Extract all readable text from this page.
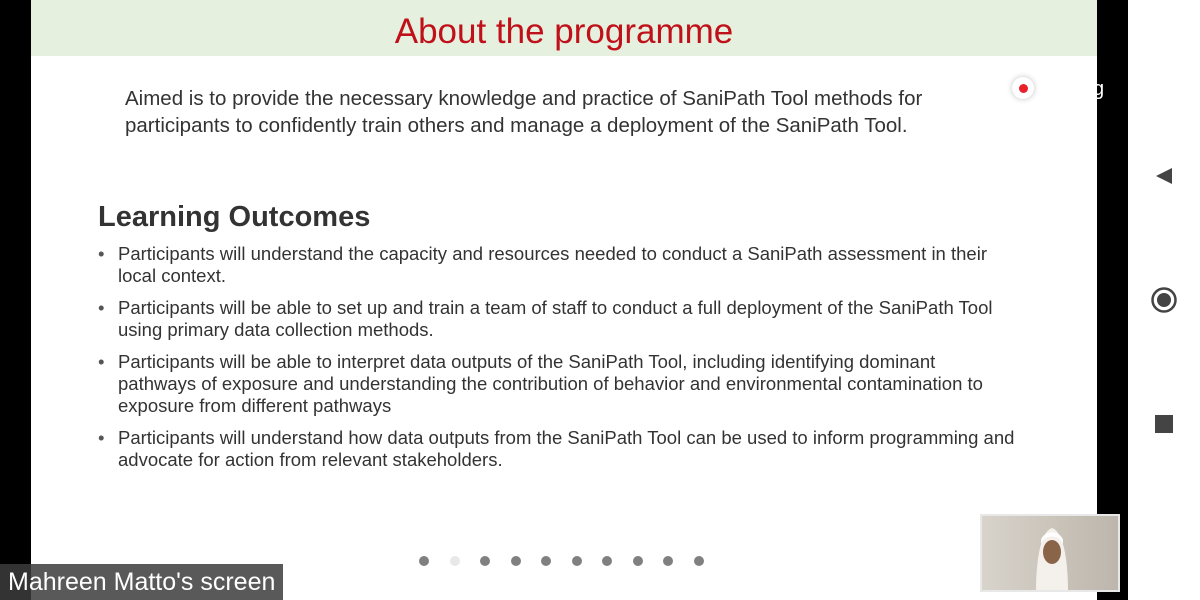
About the programme
Aimed is to provide the necessary knowledge and practice of SaniPath Tool methods for participants to confidently train others and manage a deployment of the SaniPath Tool.
Learning Outcomes
• Participants will understand the capacity and resources needed to conduct a SaniPath assessment in their local context.
• Participants will be able to set up and train a team of staff to conduct a full deployment of the SaniPath Tool using primary data collection methods.
• Participants will be able to interpret data outputs of the SaniPath Tool, including identifying dominant pathways of exposure and understanding the contribution of behavior and environmental contamination to exposure from different pathways
• Participants will understand how data outputs from the SaniPath Tool can be used to inform programming and advocate for action from relevant stakeholders.
g
Mahreen Matto's screen
